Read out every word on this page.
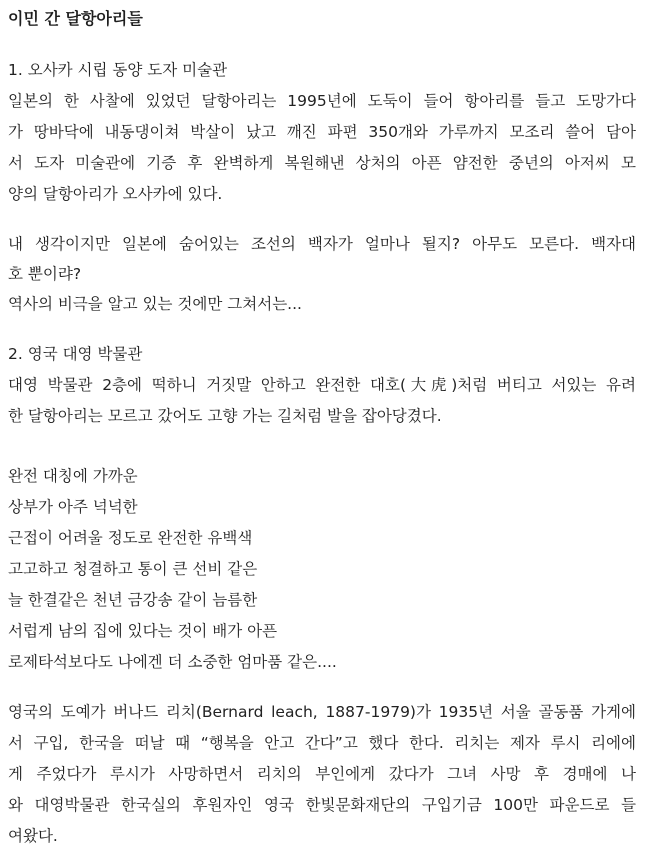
이민 간 달항아리들
1. 오사카 시립 동양 도자 미술관
일본의 한 사찰에 있었던 달항아리는 1995년에 도둑이 들어 항아리를 들고 도망가다
가 땅바닥에 내동댕이쳐 박살이 났고 깨진 파편 350개와 가루까지 모조리 쓸어 담아
서 도자 미술관에 기증 후 완벽하게 복원해낸 상처의 아픈 얌전한 중년의 아저씨 모
양의 달항아리가 오사카에 있다.
내 생각이지만 일본에 숨어있는 조선의 백자가 얼마나 될지? 아무도 모른다. 백자대
호 뿐이랴?
역사의 비극을 알고 있는 것에만 그쳐서는...
2. 영국 대영 박물관
대영 박물관 2층에 떡하니 거짓말 안하고 완전한 대호(大虎)처럼 버티고 서있는 유려
한 달항아리는 모르고 갔어도 고향 가는 길처럼 발을 잡아당겼다.
완전 대칭에 가까운
상부가 아주 넉넉한
근접이 어려울 정도로 완전한 유백색
고고하고 청결하고 통이 큰 선비 같은
늘 한결같은 천년 금강송 같이 늠름한
서럽게 남의 집에 있다는 것이 배가 아픈
로제타석보다도 나에겐 더 소중한 엄마품 같은....
영국의 도예가 버나드 리치(Bernard leach, 1887-1979)가 1935년 서울 골동품 가게에
서 구입, 한국을 떠날 때 “행복을 안고 간다”고 했다 한다. 리치는 제자 루시 리에에
게 주었다가 루시가 사망하면서 리치의 부인에게 갔다가 그녀 사망 후 경매에 나
와 대영박물관 한국실의 후원자인 영국 한빛문화재단의 구입기금 100만 파운드로 들
여왔다.
